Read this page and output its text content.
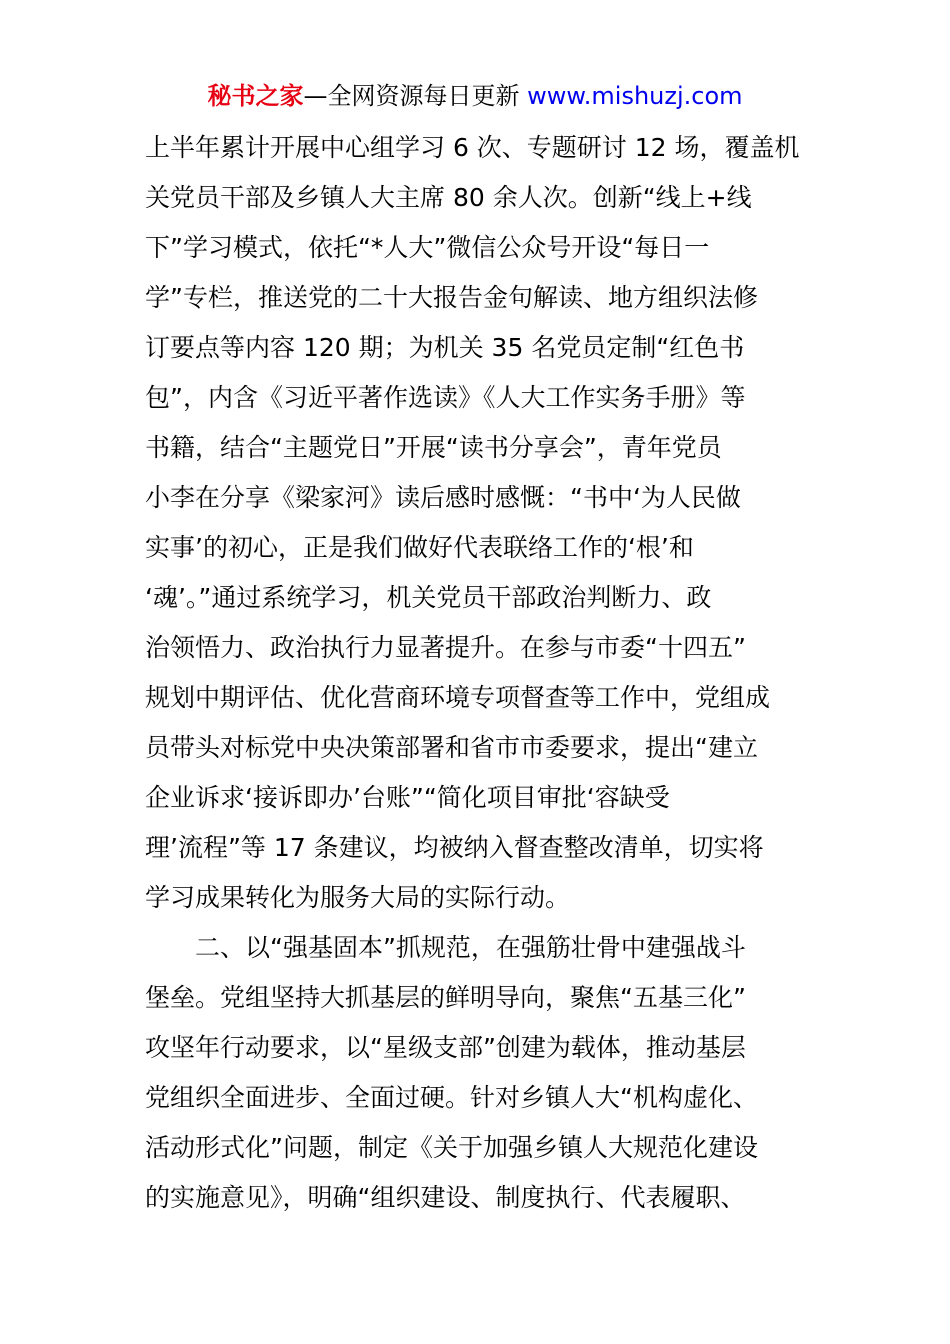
秘书之家—全网资源每日更新 www.mishuzj.com
上半年累计开展中心组学习 6 次、专题研讨 12 场，覆盖机
关党员干部及乡镇人大主席 80 余人次。创新“线上+线
下”学习模式，依托“*人大”微信公众号开设“每日一
学”专栏，推送党的二十大报告金句解读、地方组织法修
订要点等内容 120 期；为机关 35 名党员定制“红色书
包”，内含《习近平著作选读》《人大工作实务手册》等
书籍，结合“主题党日”开展“读书分享会”，青年党员
小李在分享《梁家河》读后感时感慨：“书中‘为人民做
实事’的初心，正是我们做好代表联络工作的‘根’和
‘魂’。”通过系统学习，机关党员干部政治判断力、政
治领悟力、政治执行力显著提升。在参与市委“十四五”
规划中期评估、优化营商环境专项督查等工作中，党组成
员带头对标党中央决策部署和省市市委要求，提出“建立
企业诉求‘接诉即办’台账”“简化项目审批‘容缺受
理’流程”等 17 条建议，均被纳入督查整改清单，切实将
学习成果转化为服务大局的实际行动。
　　二、以“强基固本”抓规范，在强筋壮骨中建强战斗
堡垒。党组坚持大抓基层的鲜明导向，聚焦“五基三化”
攻坚年行动要求，以“星级支部”创建为载体，推动基层
党组织全面进步、全面过硬。针对乡镇人大“机构虚化、
活动形式化”问题，制定《关于加强乡镇人大规范化建设
的实施意见》，明确“组织建设、制度执行、代表履职、
